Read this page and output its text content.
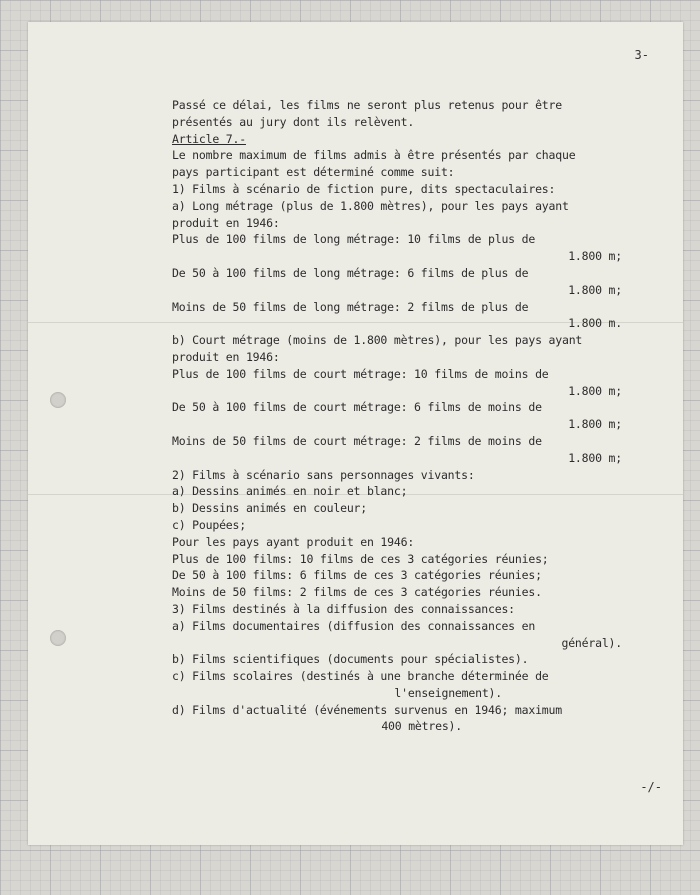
3-
Passé ce délai, les films ne seront plus retenus pour être
présentés au jury dont ils relèvent.
Article 7.-
Le nombre maximum de films admis à être présentés par chaque
pays participant est déterminé comme suit:
1) Films à scénario de fiction pure, dits spectaculaires:
a) Long métrage (plus de 1.800 mètres), pour les pays ayant
produit en 1946:
Plus de 100 films de long métrage: 10 films de plus de
1.800 m;
De 50 à 100 films de long métrage: 6 films de plus de
1.800 m;
Moins de 50 films de long métrage: 2 films de plus de
1.800 m.
b) Court métrage (moins de 1.800 mètres), pour les pays ayant
produit en 1946:
Plus de 100 films de court métrage: 10 films de moins de
1.800 m;
De 50 à 100 films de court métrage: 6 films de moins de
1.800 m;
Moins de 50 films de court métrage: 2 films de moins de
1.800 m;
2) Films à scénario sans personnages vivants:
a) Dessins animés en noir et blanc;
b) Dessins animés en couleur;
c) Poupées;
Pour les pays ayant produit en 1946:
Plus de 100 films: 10 films de ces 3 catégories réunies;
De 50 à 100 films: 6 films de ces 3 catégories réunies;
Moins de 50 films: 2 films de ces 3 catégories réunies.
3) Films destinés à la diffusion des connaissances:
a) Films documentaires (diffusion des connaissances en
général).
b) Films scientifiques (documents pour spécialistes).
c) Films scolaires (destinés à une branche déterminée de
l'enseignement).
d) Films d'actualité (événements survenus en 1946; maximum
400 mètres).
-/-
